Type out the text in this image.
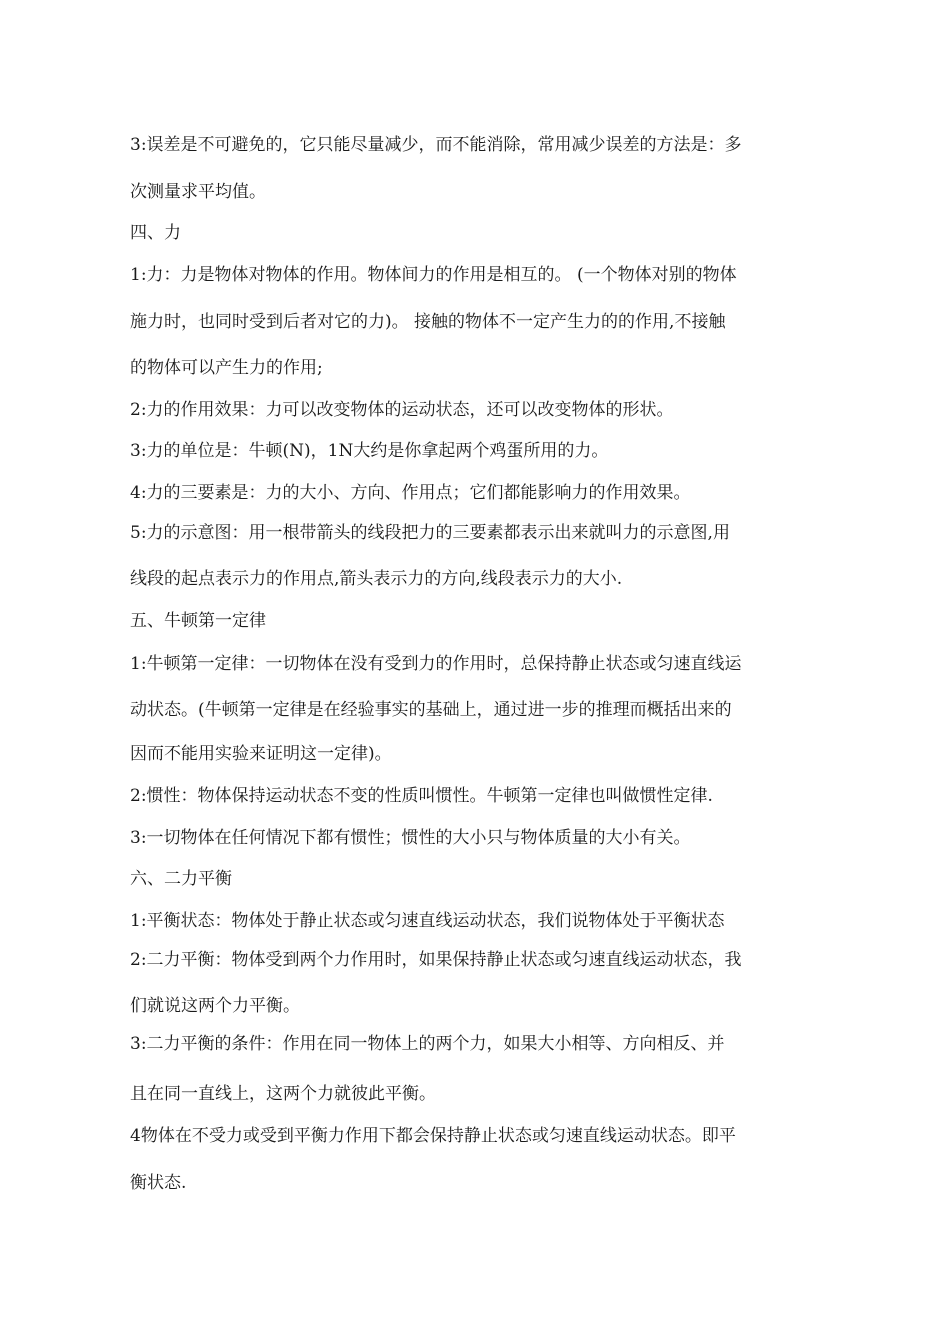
3:误差是不可避免的，它只能尽量减少，而不能消除，常用减少误差的方法是：多
次测量求平均值。
四、力
1:力：力是物体对物体的作用。物体间力的作用是相互的。 (一个物体对别的物体
施力时，也同时受到后者对它的力)。 接触的物体不一定产生力的的作用,不接触
的物体可以产生力的作用;
2:力的作用效果：力可以改变物体的运动状态，还可以改变物体的形状。
3:力的单位是：牛顿(N)，1N大约是你拿起两个鸡蛋所用的力。
4:力的三要素是：力的大小、方向、作用点；它们都能影响力的作用效果。
5:力的示意图：用一根带箭头的线段把力的三要素都表示出来就叫力的示意图,用
线段的起点表示力的作用点,箭头表示力的方向,线段表示力的大小.
五、牛顿第一定律
1:牛顿第一定律：一切物体在没有受到力的作用时，总保持静止状态或匀速直线运
动状态。(牛顿第一定律是在经验事实的基础上，通过进一步的推理而概括出来的
因而不能用实验来证明这一定律)。
2:惯性：物体保持运动状态不变的性质叫惯性。牛顿第一定律也叫做惯性定律.
3:一切物体在任何情况下都有惯性；惯性的大小只与物体质量的大小有关。
六、二力平衡
1:平衡状态：物体处于静止状态或匀速直线运动状态，我们说物体处于平衡状态
2:二力平衡：物体受到两个力作用时，如果保持静止状态或匀速直线运动状态，我
们就说这两个力平衡。
3:二力平衡的条件：作用在同一物体上的两个力，如果大小相等、方向相反、并
且在同一直线上，这两个力就彼此平衡。
4物体在不受力或受到平衡力作用下都会保持静止状态或匀速直线运动状态。即平
衡状态.
